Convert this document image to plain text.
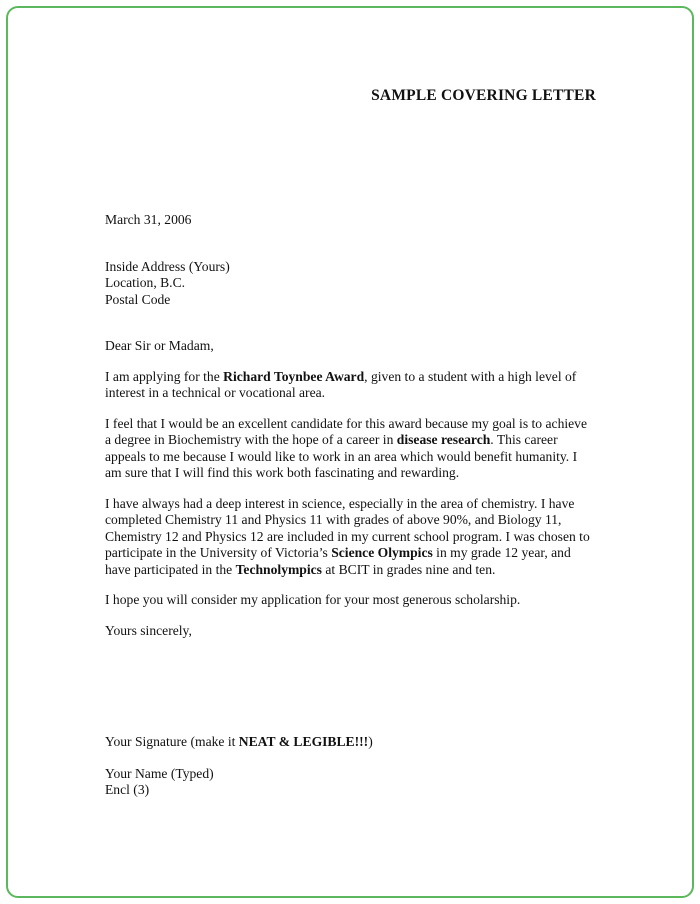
SAMPLE COVERING LETTER
March 31, 2006
Inside Address (Yours)
Location, B.C.
Postal Code
Dear Sir or Madam,
I am applying for the Richard Toynbee Award, given to a student with a high level of interest in a technical or vocational area.
I feel that I would be an excellent candidate for this award because my goal is to achieve a degree in Biochemistry with the hope of a career in disease research. This career appeals to me because I would like to work in an area which would benefit humanity. I am sure that I will find this work both fascinating and rewarding.
I have always had a deep interest in science, especially in the area of chemistry. I have completed Chemistry 11 and Physics 11 with grades of above 90%, and Biology 11, Chemistry 12 and Physics 12 are included in my current school program. I was chosen to participate in the University of Victoria’s Science Olympics in my grade 12 year, and have participated in the Technolympics at BCIT in grades nine and ten.
I hope you will consider my application for your most generous scholarship.
Yours sincerely,
Your Signature (make it NEAT & LEGIBLE!!!)
Your Name (Typed)
Encl (3)
